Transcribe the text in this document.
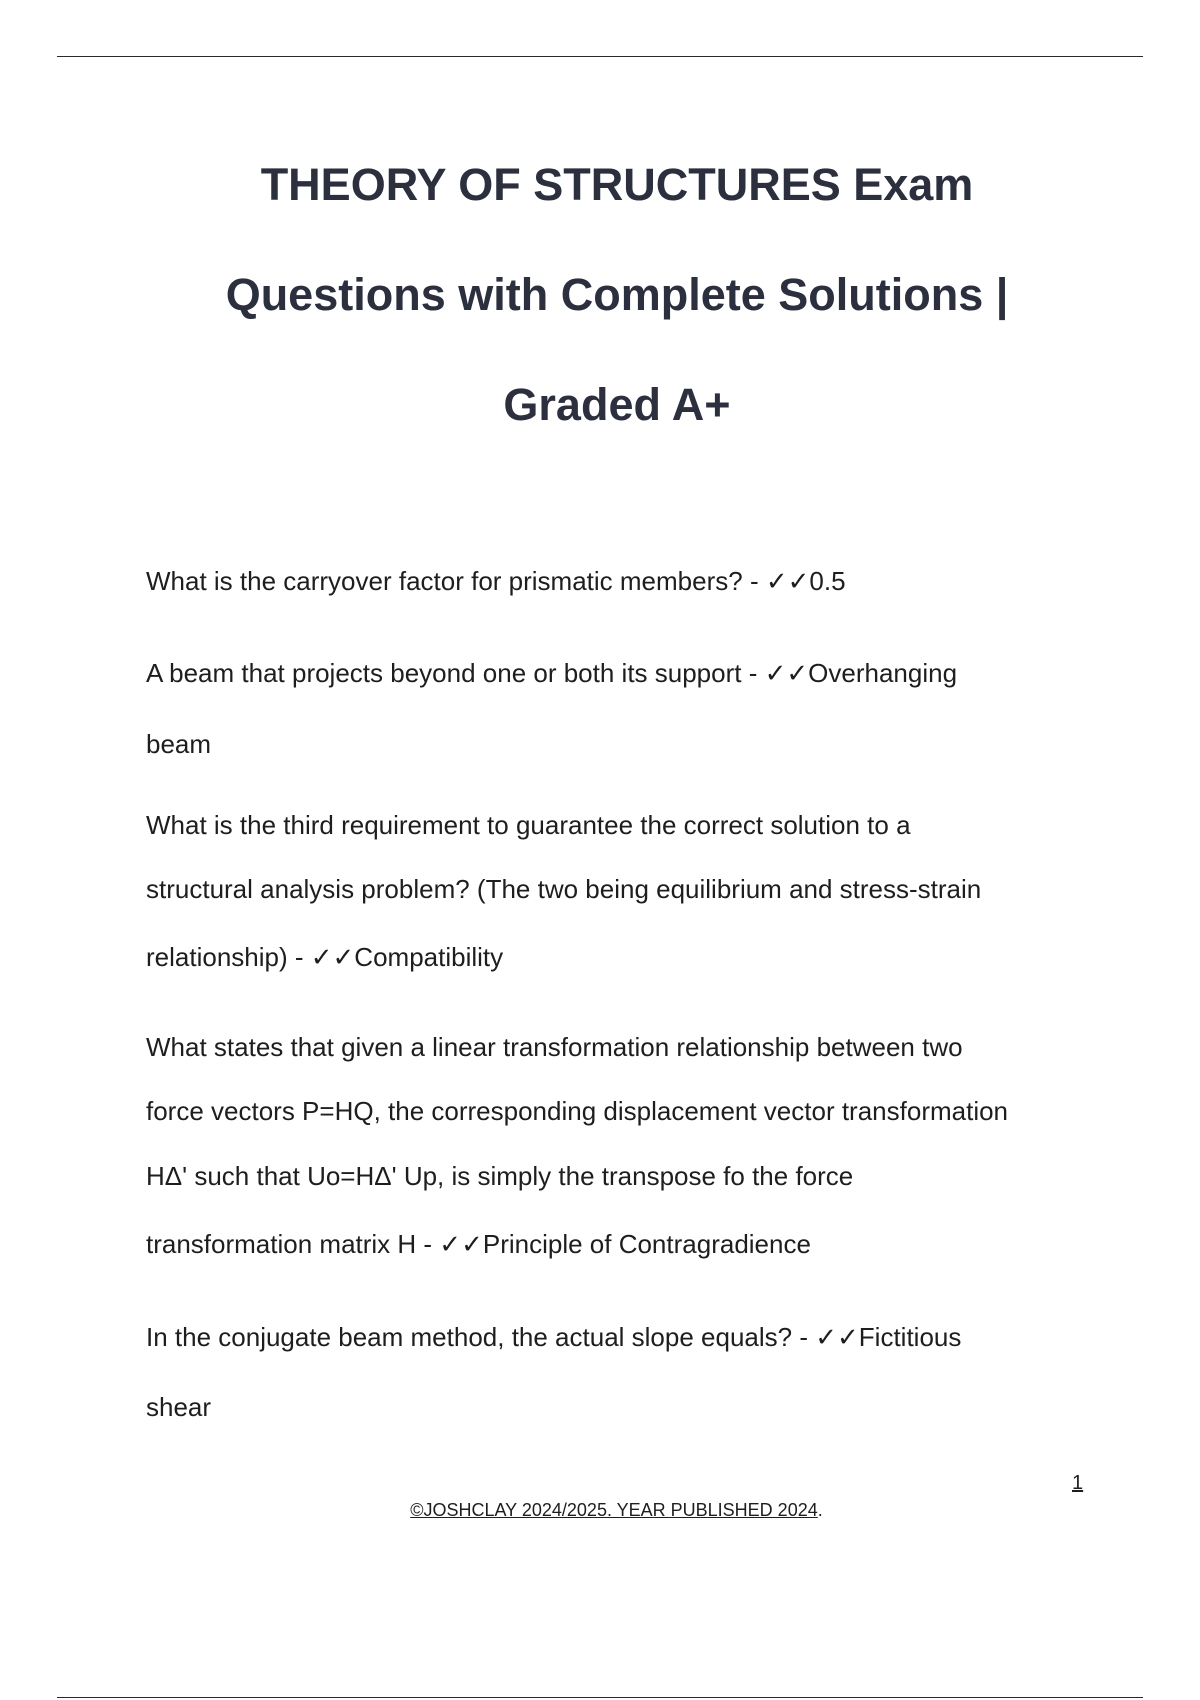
THEORY OF STRUCTURES Exam
Questions with Complete Solutions |
Graded A+
What is the carryover factor for prismatic members? - ✓✓0.5
A beam that projects beyond one or both its support - ✓✓Overhanging
beam
What is the third requirement to guarantee the correct solution to a
structural analysis problem? (The two being equilibrium and stress-strain
relationship) - ✓✓Compatibility
What states that given a linear transformation relationship between two
force vectors P=HQ, the corresponding displacement vector transformation
HΔ' such that Uo=HΔ' Up, is simply the transpose fo the force
transformation matrix H - ✓✓Principle of Contragradience
In the conjugate beam method, the actual slope equals? - ✓✓Fictitious
shear
1
©JOSHCLAY 2024/2025. YEAR PUBLISHED 2024.
